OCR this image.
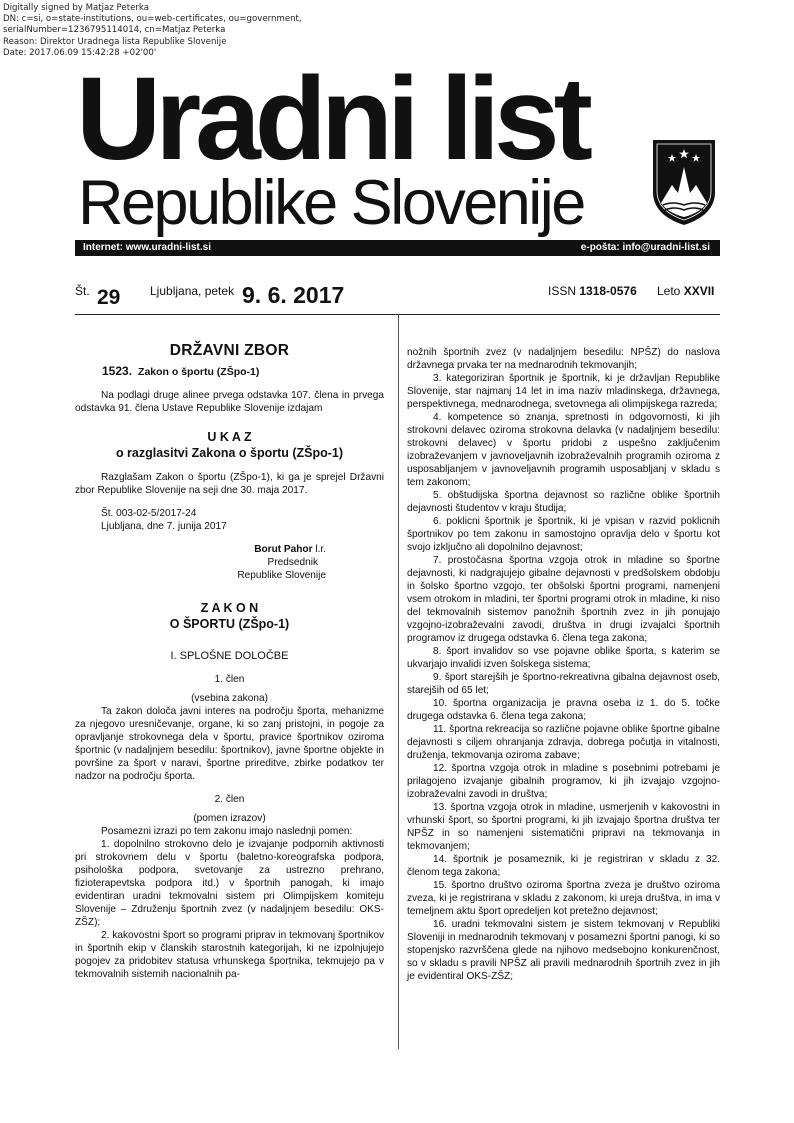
Digitally signed by Matjaz Peterka
DN: c=si, o=state-institutions, ou=web-certificates, ou=government,
serialNumber=1236795114014, cn=Matjaz Peterka
Reason: Direktor Uradnega lista Republike Slovenije
Date: 2017.06.09 15:42:28 +02'00'
Uradni list
Republike Slovenije
Internet: www.uradni-list.si	e-pošta: info@uradni-list.si
Št. 29 Ljubljana, petek 9. 6. 2017	ISSN 1318-0576 Leto XXVII
DRŽAVNI ZBOR
1523. Zakon o športu (ZŠpo-1)

Na podlagi druge alinee prvega odstavka 107. člena in prvega odstavka 91. člena Ustave Republike Slovenije izdajam

U K A Z
o razglasitvi Zakona o športu (ZŠpo-1)

Razglašam Zakon o športu (ZŠpo-1), ki ga je sprejel Državni zbor Republike Slovenije na seji dne 30. maja 2017.

Št. 003-02-5/2017-24

Ljubljana, dne 7. junija 2017

Borut Pahor l.r.
Predsednik
Republike Slovenije
Z A K O N
O ŠPORTU (ZŠpo-1)
I. SPLOŠNE DOLOČBE
1. člen
(vsebina zakona)

Ta zakon določa javni interes na področju športa, mehanizme za njegovo uresničevanje, organe, ki so zanj pristojni, in pogoje za opravljanje strokovnega dela v športu, pravice športnikov oziroma športnic (v nadaljnjem besedilu: športnikov), javne športne objekte in površine za šport v naravi, športne prireditve, zbirke podatkov ter nadzor na področju športa.

2. člen
(pomen izrazov)

Posamezni izrazi po tem zakonu imajo naslednji pomen:

1. dopolnilno strokovno delo je izvajanje podpornih aktivnosti pri strokovnem delu v športu (baletno-koreografska podpora, psihološka podpora, svetovanje za ustrezno prehrano, fizioterapevtska podpora itd.) v športnih panogah, ki imajo evidentiran uradni tekmovalni sistem pri Olimpijskem komiteju Slovenije – Združenju športnih zvez (v nadaljnjem besedilu: OKS-ZŠZ);

2. kakovostni šport so programi priprav in tekmovanj športnikov in športnih ekip v članskih starostnih kategorijah, ki ne izpolnjujejo pogojev za pridobitev statusa vrhunskega športnika, tekmujejo pa v tekmovalnih sistemih nacionalnih pa-

nožnih športnih zvez (v nadaljnjem besedilu: NPŠZ) do naslova državnega prvaka ter na mednarodnih tekmovanjih;

3. kategoriziran športnik je športnik, ki je državljan Republike Slovenije, star najmanj 14 let in ima naziv mladinskega, državnega, perspektivnega, mednarodnega, svetovnega ali olimpijskega razreda;

4. kompetence so znanja, spretnosti in odgovornosti, ki jih strokovni delavec oziroma strokovna delavka (v nadaljnjem besedilu: strokovni delavec) v športu pridobi z uspešno zaključenim izobraževanjem v javnoveljavnih izobraževalnih programih oziroma z usposabljanjem v javnoveljavnih programih usposabljanj v skladu s tem zakonom;

5. obštudijska športna dejavnost so različne oblike športnih dejavnosti študentov v kraju študija;

6. poklicni športnik je športnik, ki je vpisan v razvid poklicnih športnikov po tem zakonu in samostojno opravlja delo v športu kot svojo izključno ali dopolnilno dejavnost;

7. prostočasna športna vzgoja otrok in mladine so športne dejavnosti, ki nadgrajujejo gibalne dejavnosti v predšolskem obdobju in šolsko športno vzgojo, ter obšolski športni programi, namenjeni vsem otrokom in mladini, ter športni programi otrok in mladine, ki niso del tekmovalnih sistemov panožnih športnih zvez in jih ponujajo vzgojno-izobraževalni zavodi, društva in drugi izvajalci športnih programov iz drugega odstavka 6. člena tega zakona;

8. šport invalidov so vse pojavne oblike športa, s katerim se ukvarjajo invalidi izven šolskega sistema;

9. šport starejših je športno-rekreativna gibalna dejavnost oseb, starejših od 65 let;

10. športna organizacija je pravna oseba iz 1. do 5. točke drugega odstavka 6. člena tega zakona;

11. športna rekreacija so različne pojavne oblike športne gibalne dejavnosti s ciljem ohranjanja zdravja, dobrega počutja in vitalnosti, druženja, tekmovanja oziroma zabave;

12. športna vzgoja otrok in mladine s posebnimi potrebami je prilagojeno izvajanje gibalnih programov, ki jih izvajajo vzgojno-izobraževalni zavodi in društva;

13. športna vzgoja otrok in mladine, usmerjenih v kakovostni in vrhunski šport, so športni programi, ki jih izvajajo športna društva ter NPŠZ in so namenjeni sistematični pripravi na tekmovanja in tekmovanjem;

14. športnik je posameznik, ki je registriran v skladu z 32. členom tega zakona;

15. športno društvo oziroma športna zveza je društvo oziroma zveza, ki je registrirana v skladu z zakonom, ki ureja društva, in ima v temeljnem aktu šport opredeljen kot pretežno dejavnost;

16. uradni tekmovalni sistem je sistem tekmovanj v Republiki Sloveniji in mednarodnih tekmovanj v posamezni športni panogi, ki so stopenjsko razvrščena glede na njihovo medsebojno konkurenčnost, so v skladu s pravili NPŠZ ali pravili mednarodnih športnih zvez in jih je evidentiral OKS-ZŠZ;
